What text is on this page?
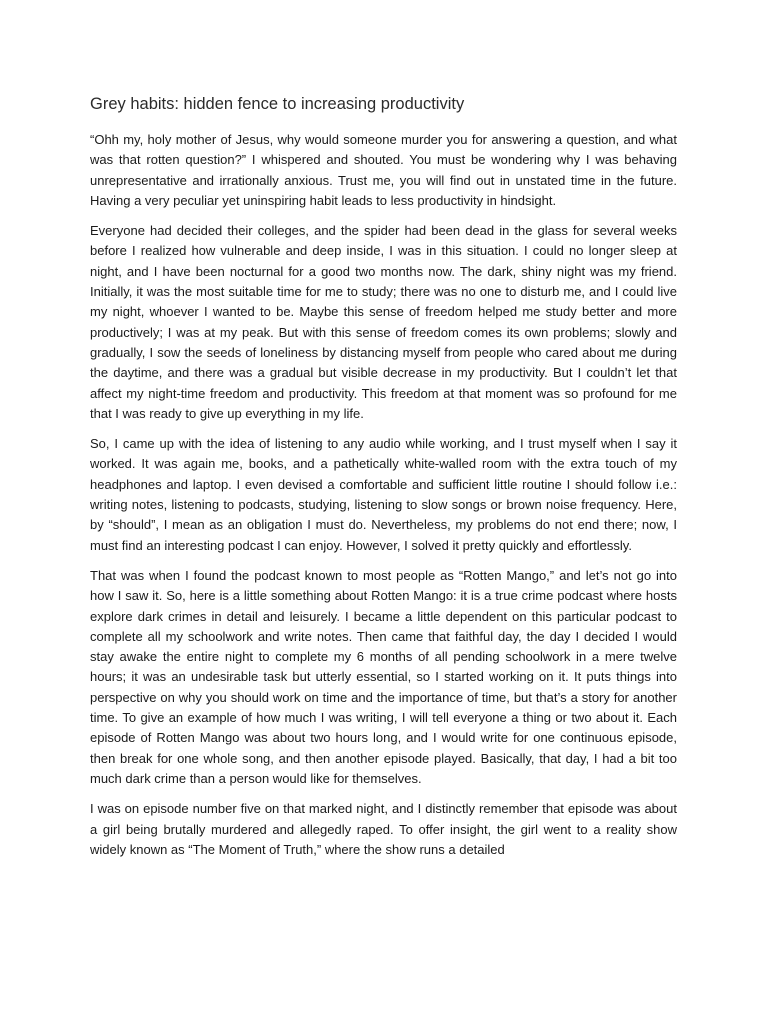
Grey habits: hidden fence to increasing productivity

“Ohh my, holy mother of Jesus, why would someone murder you for answering a question, and what was that rotten question?” I whispered and shouted. You must be wondering why I was behaving unrepresentative and irrationally anxious. Trust me, you will find out in unstated time in the future. Having a very peculiar yet uninspiring habit leads to less productivity in hindsight.

Everyone had decided their colleges, and the spider had been dead in the glass for several weeks before I realized how vulnerable and deep inside, I was in this situation. I could no longer sleep at night, and I have been nocturnal for a good two months now. The dark, shiny night was my friend. Initially, it was the most suitable time for me to study; there was no one to disturb me, and I could live my night, whoever I wanted to be. Maybe this sense of freedom helped me study better and more productively; I was at my peak. But with this sense of freedom comes its own problems; slowly and gradually, I sow the seeds of loneliness by distancing myself from people who cared about me during the daytime, and there was a gradual but visible decrease in my productivity. But I couldn’t let that affect my night-time freedom and productivity. This freedom at that moment was so profound for me that I was ready to give up everything in my life.

So, I came up with the idea of listening to any audio while working, and I trust myself when I say it worked. It was again me, books, and a pathetically white-walled room with the extra touch of my headphones and laptop. I even devised a comfortable and sufficient little routine I should follow i.e.: writing notes, listening to podcasts, studying, listening to slow songs or brown noise frequency. Here, by “should”, I mean as an obligation I must do. Nevertheless, my problems do not end there; now, I must find an interesting podcast I can enjoy. However, I solved it pretty quickly and effortlessly.

That was when I found the podcast known to most people as “Rotten Mango,” and let’s not go into how I saw it. So, here is a little something about Rotten Mango: it is a true crime podcast where hosts explore dark crimes in detail and leisurely. I became a little dependent on this particular podcast to complete all my schoolwork and write notes. Then came that faithful day, the day I decided I would stay awake the entire night to complete my 6 months of all pending schoolwork in a mere twelve hours; it was an undesirable task but utterly essential, so I started working on it. It puts things into perspective on why you should work on time and the importance of time, but that’s a story for another time. To give an example of how much I was writing, I will tell everyone a thing or two about it. Each episode of Rotten Mango was about two hours long, and I would write for one continuous episode, then break for one whole song, and then another episode played. Basically, that day, I had a bit too much dark crime than a person would like for themselves.

I was on episode number five on that marked night, and I distinctly remember that episode was about a girl being brutally murdered and allegedly raped. To offer insight, the girl went to a reality show widely known as “The Moment of Truth,” where the show runs a detailed
